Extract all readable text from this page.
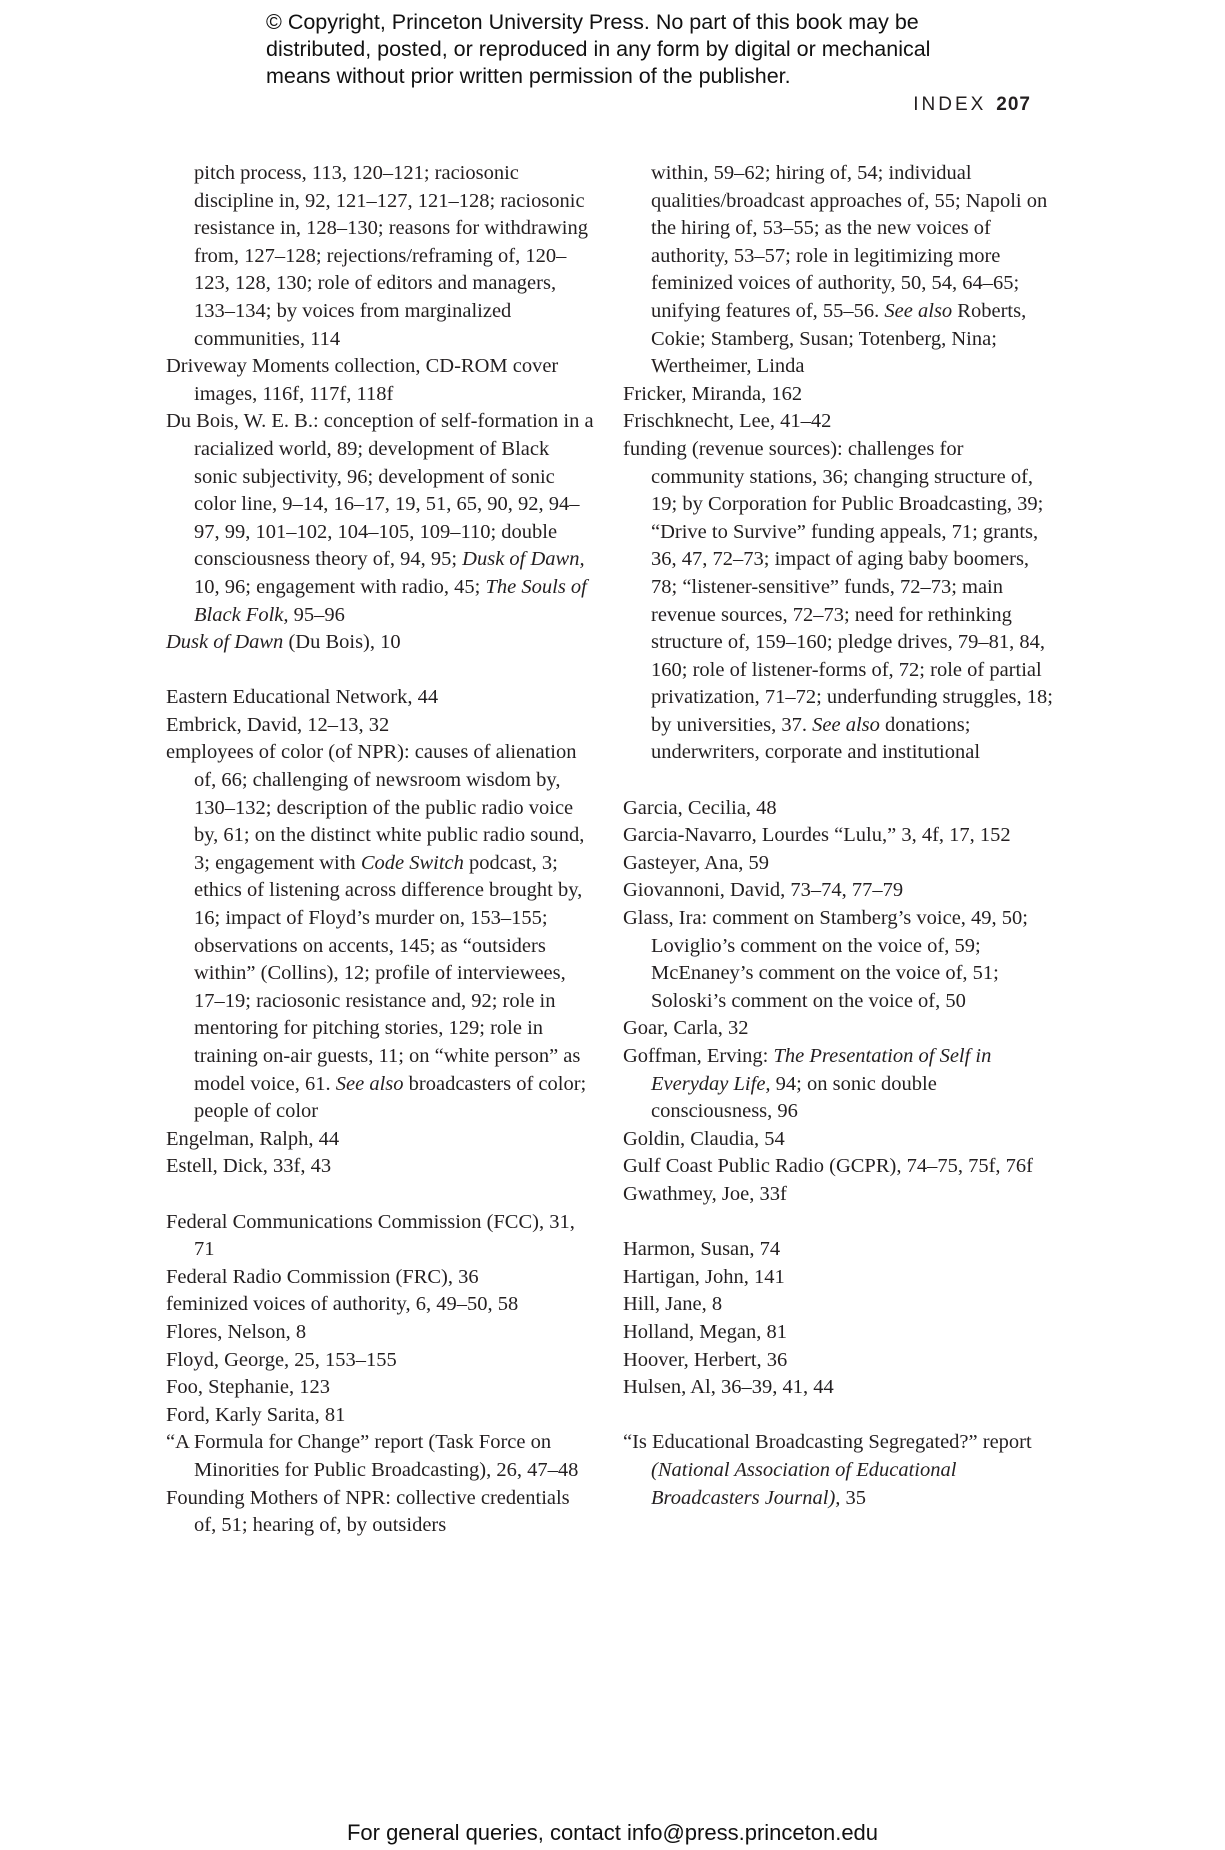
© Copyright, Princeton University Press. No part of this book may be
distributed, posted, or reproduced in any form by digital or mechanical
means without prior written permission of the publisher.
INDEX 207
pitch process, 113, 120–121; raciosonic discipline in, 92, 121–127, 121–128; raciosonic resistance in, 128–130; reasons for withdrawing from, 127–128; rejections/reframing of, 120–123, 128, 130; role of editors and managers, 133–134; by voices from marginalized communities, 114
Driveway Moments collection, CD-ROM cover images, 116f, 117f, 118f
Du Bois, W. E. B.: conception of self-formation in a racialized world, 89; development of Black sonic subjectivity, 96; development of sonic color line, 9–14, 16–17, 19, 51, 65, 90, 92, 94–97, 99, 101–102, 104–105, 109–110; double consciousness theory of, 94, 95; Dusk of Dawn, 10, 96; engagement with radio, 45; The Souls of Black Folk, 95–96
Dusk of Dawn (Du Bois), 10
Eastern Educational Network, 44
Embrick, David, 12–13, 32
employees of color (of NPR): causes of alienation of, 66; challenging of newsroom wisdom by, 130–132; description of the public radio voice by, 61; on the distinct white public radio sound, 3; engagement with Code Switch podcast, 3; ethics of listening across difference brought by, 16; impact of Floyd’s murder on, 153–155; observations on accents, 145; as “outsiders within” (Collins), 12; profile of interviewees, 17–19; raciosonic resistance and, 92; role in mentoring for pitching stories, 129; role in training on-air guests, 11; on “white person” as model voice, 61. See also broadcasters of color; people of color
Engelman, Ralph, 44
Estell, Dick, 33f, 43
Federal Communications Commission (FCC), 31, 71
Federal Radio Commission (FRC), 36
feminized voices of authority, 6, 49–50, 58
Flores, Nelson, 8
Floyd, George, 25, 153–155
Foo, Stephanie, 123
Ford, Karly Sarita, 81
“A Formula for Change” report (Task Force on Minorities for Public Broadcasting), 26, 47–48
Founding Mothers of NPR: collective credentials of, 51; hearing of, by outsiders
within, 59–62; hiring of, 54; individual qualities/broadcast approaches of, 55; Napoli on the hiring of, 53–55; as the new voices of authority, 53–57; role in legitimizing more feminized voices of authority, 50, 54, 64–65; unifying features of, 55–56. See also Roberts, Cokie; Stamberg, Susan; Totenberg, Nina; Wertheimer, Linda
Fricker, Miranda, 162
Frischknecht, Lee, 41–42
funding (revenue sources): challenges for community stations, 36; changing structure of, 19; by Corporation for Public Broadcasting, 39; “Drive to Survive” funding appeals, 71; grants, 36, 47, 72–73; impact of aging baby boomers, 78; “listener-sensitive” funds, 72–73; main revenue sources, 72–73; need for rethinking structure of, 159–160; pledge drives, 79–81, 84, 160; role of listener-forms of, 72; role of partial privatization, 71–72; underfunding struggles, 18; by universities, 37. See also donations; underwriters, corporate and institutional
Garcia, Cecilia, 48
Garcia-Navarro, Lourdes “Lulu,” 3, 4f, 17, 152
Gasteyer, Ana, 59
Giovannoni, David, 73–74, 77–79
Glass, Ira: comment on Stamberg’s voice, 49, 50; Loviglio’s comment on the voice of, 59; McEnaney’s comment on the voice of, 51; Soloski’s comment on the voice of, 50
Goar, Carla, 32
Goffman, Erving: The Presentation of Self in Everyday Life, 94; on sonic double consciousness, 96
Goldin, Claudia, 54
Gulf Coast Public Radio (GCPR), 74–75, 75f, 76f
Gwathmey, Joe, 33f
Harmon, Susan, 74
Hartigan, John, 141
Hill, Jane, 8
Holland, Megan, 81
Hoover, Herbert, 36
Hulsen, Al, 36–39, 41, 44
“Is Educational Broadcasting Segregated?” report (National Association of Educational Broadcasters Journal), 35
For general queries, contact info@press.princeton.edu
